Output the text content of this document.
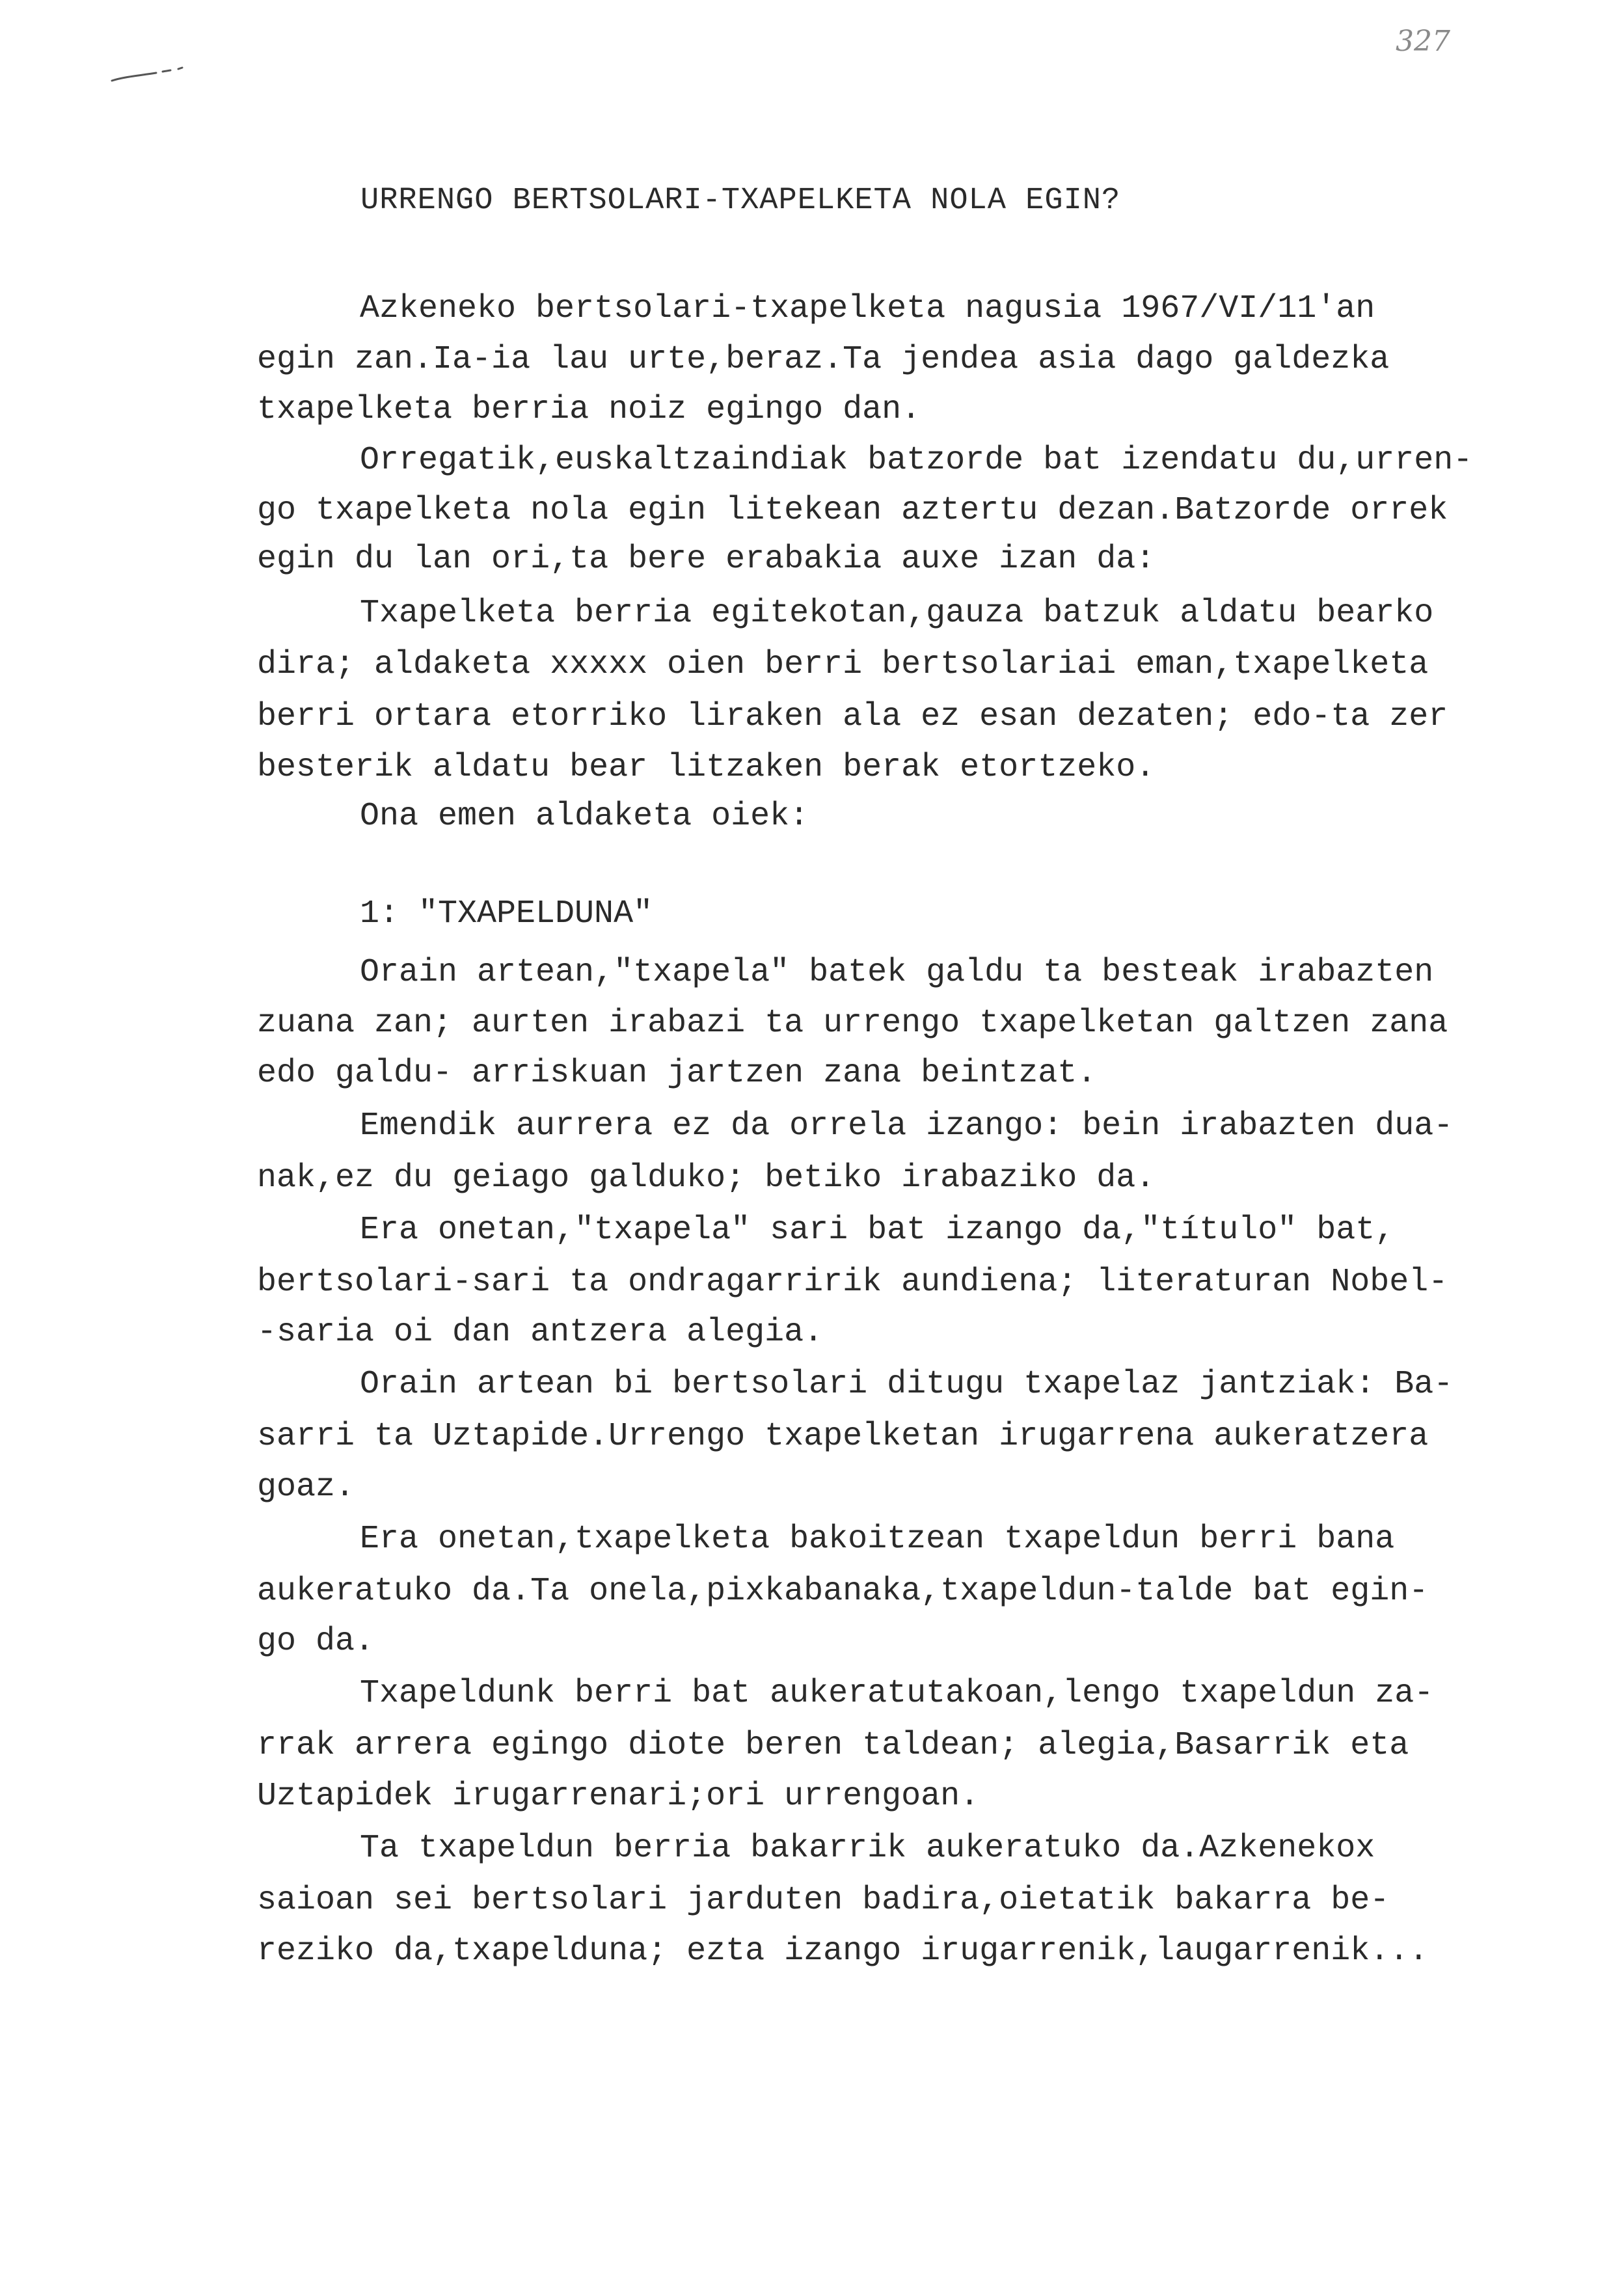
327
URRENGO BERTSOLARI-TXAPELKETA NOLA EGIN?
Azkeneko bertsolari-txapelketa nagusia 1967/VI/11'an
egin zan.Ia-ia lau urte,beraz.Ta jendea asia dago galdezka
txapelketa berria noiz egingo dan.
Orregatik,euskaltzaindiak batzorde bat izendatu du,urren-
go txapelketa nola egin litekean aztertu dezan.Batzorde orrek
egin du lan ori,ta bere erabakia auxe izan da:
Txapelketa berria egitekotan,gauza batzuk aldatu bearko
dira; aldaketa xxxxx oien berri bertsolariai eman,txapelketa
berri ortara etorriko liraken ala ez esan dezaten; edo-ta zer
besterik aldatu bear litzaken berak etortzeko.
Ona emen aldaketa oiek:
1: "TXAPELDUNA"
Orain artean,"txapela" batek galdu ta besteak irabazten
zuana zan; aurten irabazi ta urrengo txapelketan galtzen zana
edo galdu- arriskuan jartzen zana beintzat.
Emendik aurrera ez da orrela izango: bein irabazten dua-
nak,ez du geiago galduko; betiko irabaziko da.
Era onetan,"txapela" sari bat izango da,"título" bat,
bertsolari-sari ta ondragarririk aundiena; literaturan Nobel-
-saria oi dan antzera alegia.
Orain artean bi bertsolari ditugu txapelaz jantziak: Ba-
sarri ta Uztapide.Urrengo txapelketan irugarrena aukeratzera
goaz.
Era onetan,txapelketa bakoitzean txapeldun berri bana
aukeratuko da.Ta onela,pixkabanaka,txapeldun-talde bat egin-
go da.
Txapeldunk berri bat aukeratutakoan,lengo txapeldun za-
rrak arrera egingo diote beren taldean; alegia,Basarrik eta
Uztapidek irugarrenari;ori urrengoan.
Ta txapeldun berria bakarrik aukeratuko da.Azkenekox
saioan sei bertsolari jarduten badira,oietatik bakarra be-
reziko da,txapelduna; ezta izango irugarrenik,laugarrenik...
